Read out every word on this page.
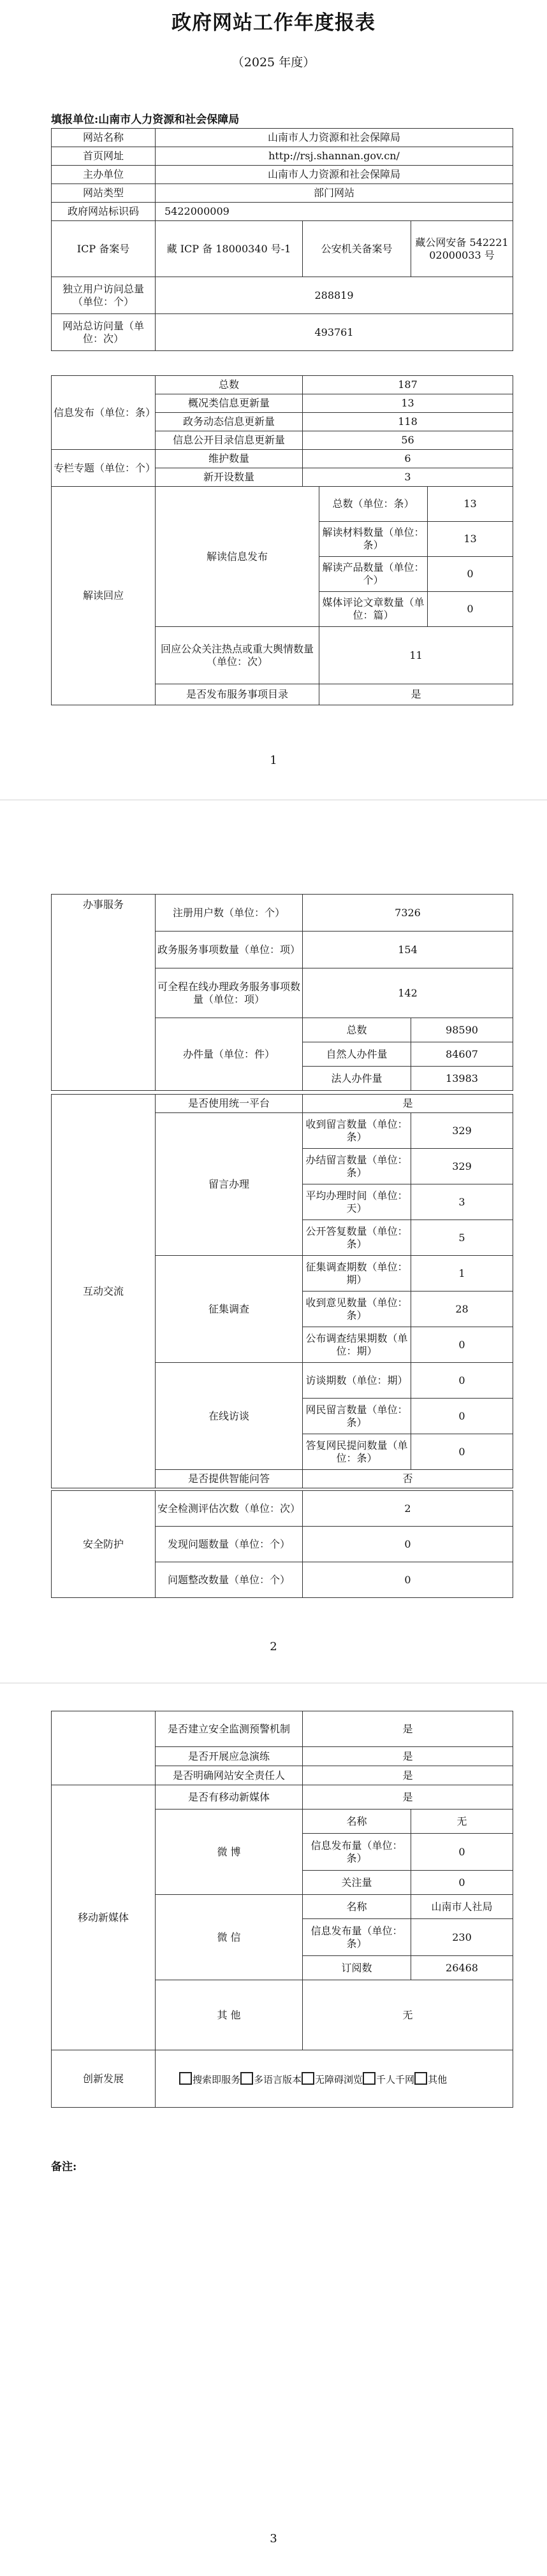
政府网站工作年度报表
（2025 年度）
填报单位:山南市人力资源和社会保障局
网站名称	山南市人力资源和社会保障局		
首页网址	http://rsj.shannan.gov.cn/		
主办单位	山南市人力资源和社会保障局		
网站类型	部门网站		
政府网站标识码	5422000009		
ICP 备案号	藏 ICP 备 18000340 号-1	公安机关备案号	藏公网安备 54222102000033 号
独立用户访问总量（单位：个）	288819		
网站总访问量（单位：次）	493761		
信息发布（单位：条）	总数	187
	概况类信息更新量	13
	政务动态信息更新量	118
	信息公开目录信息更新量	56
专栏专题（单位：个）	维护数量	6
	新开设数量	3
解读回应	解读信息发布	总数（单位：条）	13
		解读材料数量（单位：条）	13
		解读产品数量（单位：个）	0
		媒体评论文章数量（单位：篇）	0
	回应公众关注热点或重大舆情数量（单位：次）	11	
	是否发布服务事项目录	是	
1
办事服务	注册用户数（单位：个）	7326	
	政务服务事项数量（单位：项）	154	
	可全程在线办理政务服务事项数量（单位：项）	142	
	办件量（单位：件）	总数	98590
		自然人办件量	84607
		法人办件量	13983
互动交流	是否使用统一平台	是	
	留言办理	收到留言数量（单位：条）	329
		办结留言数量（单位：条）	329
		平均办理时间（单位：天）	3
		公开答复数量（单位：条）	5
	征集调查	征集调查期数（单位：期）	1
		收到意见数量（单位：条）	28
		公布调查结果期数（单位：期）	0
	在线访谈	访谈期数（单位：期）	0
		网民留言数量（单位：条）	0
		答复网民提问数量（单位：条）	0
	是否提供智能问答	否	
安全防护	安全检测评估次数（单位：次）	2
	发现问题数量（单位：个）	0
	问题整改数量（单位：个）	0
2
	是否建立安全监测预警机制	是
	是否开展应急演练	是
	是否明确网站安全责任人	是
移动新媒体	是否有移动新媒体	是	
	微 博	名称	无
		信息发布量（单位：条）	0
		关注量	0
	微 信	名称	山南市人社局
		信息发布量（单位：条）	230
		订阅数	26468
	其 他	无	
创新发展	搜索即服务 多语言版本 无障碍浏览 千人千网 其他
备注:
3
